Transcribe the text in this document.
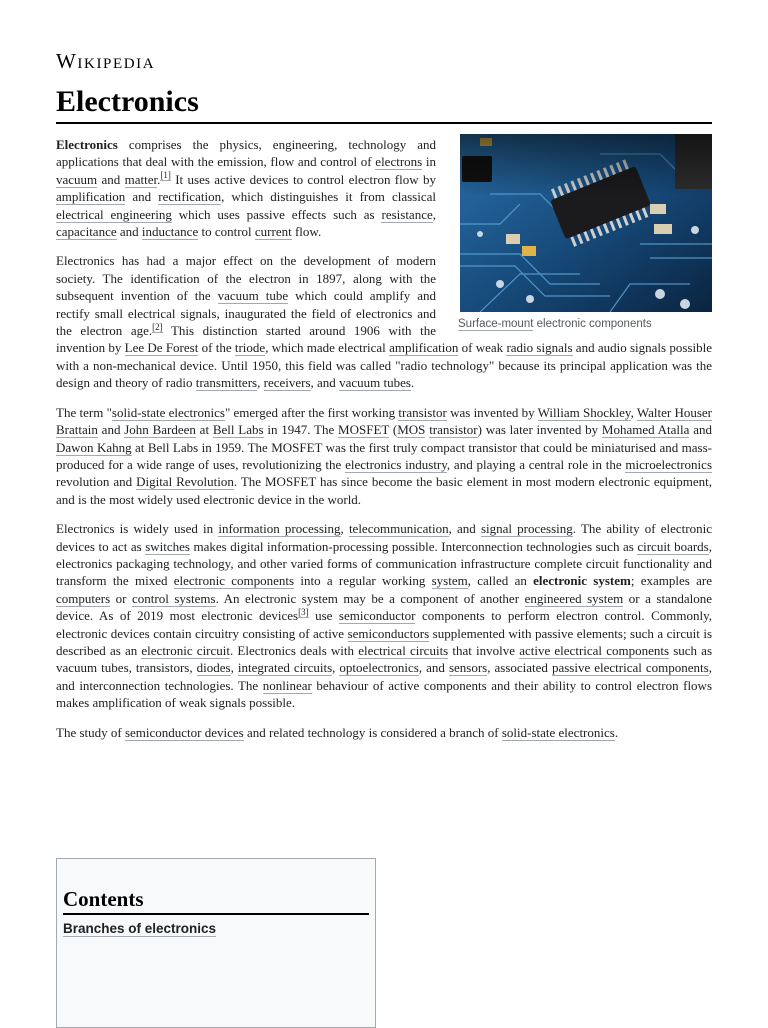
Wikipedia
Electronics
Surface-mount electronic components

Electronics comprises the physics, engineering, technology and applications that deal with the emission, flow and control of electrons in vacuum and matter.[1] It uses active devices to control electron flow by amplification and rectification, which distinguishes it from classical electrical engineering which uses passive effects such as resistance, capacitance and inductance to control current flow.

Electronics has had a major effect on the development of modern society. The identification of the electron in 1897, along with the subsequent invention of the vacuum tube which could amplify and rectify small electrical signals, inaugurated the field of electronics and the electron age.[2] This distinction started around 1906 with the invention by Lee De Forest of the triode, which made electrical amplification of weak radio signals and audio signals possible with a non-mechanical device. Until 1950, this field was called "radio technology" because its principal application was the design and theory of radio transmitters, receivers, and vacuum tubes.

The term "solid-state electronics" emerged after the first working transistor was invented by William Shockley, Walter Houser Brattain and John Bardeen at Bell Labs in 1947. The MOSFET (MOS transistor) was later invented by Mohamed Atalla and Dawon Kahng at Bell Labs in 1959. The MOSFET was the first truly compact transistor that could be miniaturised and mass-produced for a wide range of uses, revolutionizing the electronics industry, and playing a central role in the microelectronics revolution and Digital Revolution. The MOSFET has since become the basic element in most modern electronic equipment, and is the most widely used electronic device in the world.

Electronics is widely used in information processing, telecommunication, and signal processing. The ability of electronic devices to act as switches makes digital information-processing possible. Interconnection technologies such as circuit boards, electronics packaging technology, and other varied forms of communication infrastructure complete circuit functionality and transform the mixed electronic components into a regular working system, called an electronic system; examples are computers or control systems. An electronic system may be a component of another engineered system or a standalone device. As of 2019 most electronic devices[3] use semiconductor components to perform electron control. Commonly, electronic devices contain circuitry consisting of active semiconductors supplemented with passive elements; such a circuit is described as an electronic circuit. Electronics deals with electrical circuits that involve active electrical components such as vacuum tubes, transistors, diodes, integrated circuits, optoelectronics, and sensors, associated passive electrical components, and interconnection technologies. The nonlinear behaviour of active components and their ability to control electron flows makes amplification of weak signals possible.

The study of semiconductor devices and related technology is considered a branch of solid-state electronics.

Contents
Branches of electronics
